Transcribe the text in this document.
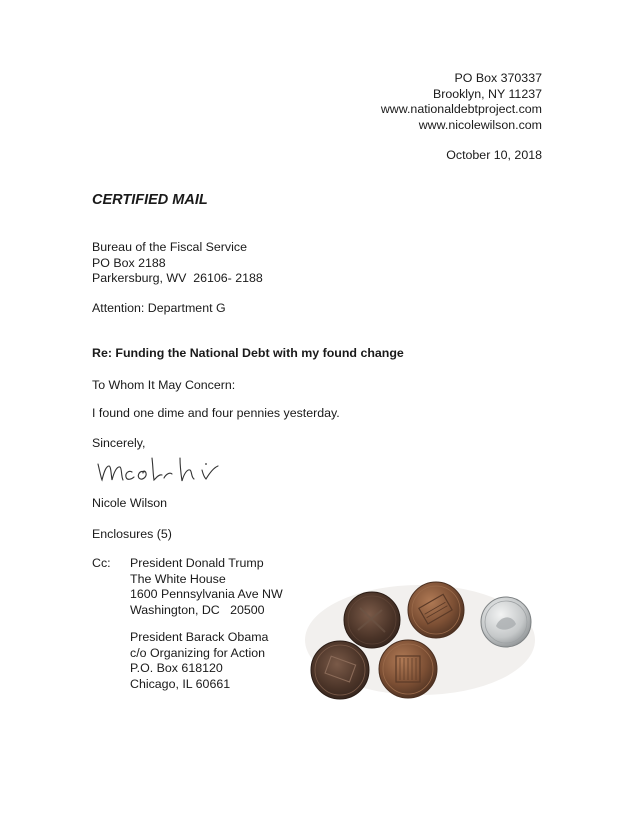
PO Box 370337
Brooklyn, NY 11237
www.nationaldebtproject.com
www.nicolewilson.com
October 10, 2018
CERTIFIED MAIL
Bureau of the Fiscal Service
PO Box 2188
Parkersburg, WV  26106- 2188
Attention: Department G
Re: Funding the National Debt with my found change
To Whom It May Concern:
I found one dime and four pennies yesterday.
Sincerely,
Nicole Wilson
Enclosures (5)
Cc: President Donald Trump
The White House
1600 Pennsylvania Ave NW
Washington, DC   20500
President Barack Obama
c/o Organizing for Action
P.O. Box 618120
Chicago, IL 60661
